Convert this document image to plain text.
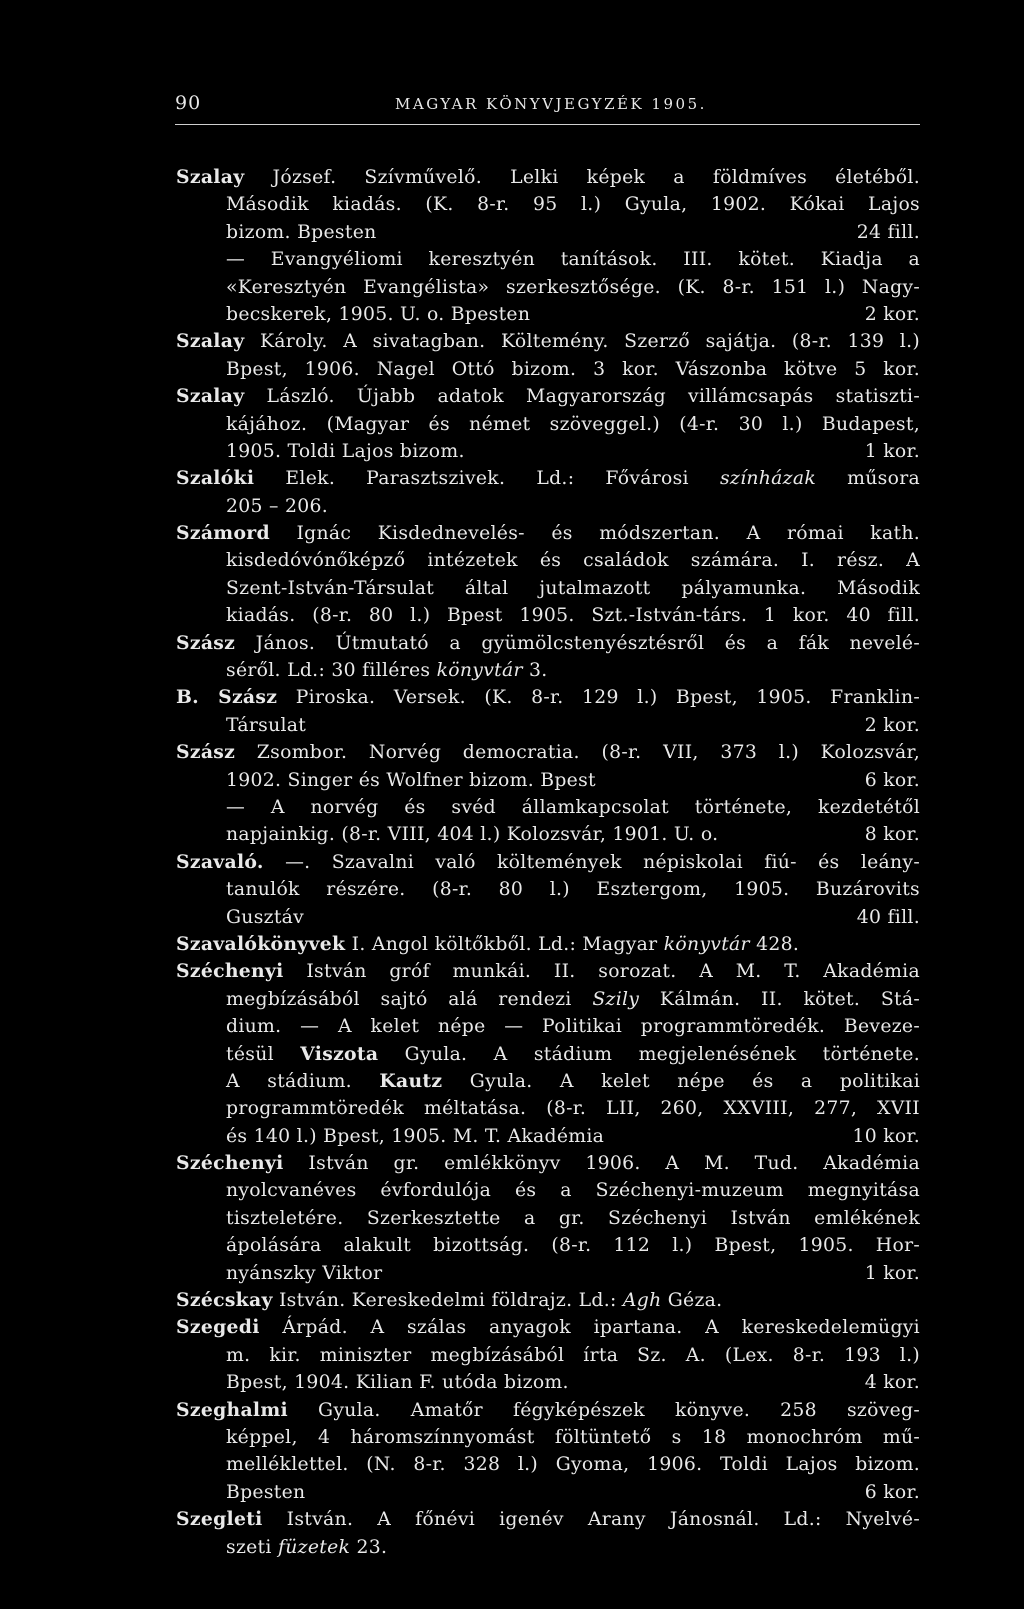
90	MAGYAR KÖNYVJEGYZÉK 1905.
Szalay József. Szívművelő. Lelki képek a földmíves életéből.
Második kiadás. (K. 8-r. 95 l.) Gyula, 1902. Kókai Lajos
bizom. Bpesten	24 fill.
— Evangyéliomi keresztyén tanítások. III. kötet. Kiadja a
«Keresztyén Evangélista» szerkesztősége. (K. 8-r. 151 l.) Nagy-
becskerek, 1905. U. o. Bpesten	2 kor.
Szalay Károly. A sivatagban. Költemény. Szerző sajátja. (8-r. 139 l.)
Bpest, 1906. Nagel Ottó bizom. 3 kor. Vászonba kötve 5 kor.
Szalay László. Újabb adatok Magyarország villámcsapás statiszti-
kájához. (Magyar és német szöveggel.) (4-r. 30 l.) Budapest,
1905. Toldi Lajos bizom.	1 kor.
Szalóki Elek. Parasztszivek. Ld.: Fővárosi színházak műsora
205 – 206.
Számord Ignác Kisdednevelés- és módszertan. A római kath.
kisdedóvónőképző intézetek és családok számára. I. rész. A
Szent-István-Társulat által jutalmazott pályamunka. Második
kiadás. (8-r. 80 l.) Bpest 1905. Szt.-István-társ. 1 kor. 40 fill.
Szász János. Útmutató a gyümölcstenyésztésről és a fák nevelé-
séről. Ld.: 30 filléres könyvtár 3.
B. Szász Piroska. Versek. (K. 8-r. 129 l.) Bpest, 1905. Franklin-
Társulat	2 kor.
Szász Zsombor. Norvég democratia. (8-r. VII, 373 l.) Kolozsvár,
1902. Singer és Wolfner bizom. Bpest	6 kor.
— A norvég és svéd államkapcsolat története, kezdetétől
napjainkig. (8-r. VIII, 404 l.) Kolozsvár, 1901. U. o.	8 kor.
Szavaló. —. Szavalni való költemények népiskolai fiú- és leány-
tanulók részére. (8-r. 80 l.) Esztergom, 1905. Buzárovits
Gusztáv	40 fill.
Szavalókönyvek I. Angol költőkből. Ld.: Magyar könyvtár 428.
Széchenyi István gróf munkái. II. sorozat. A M. T. Akadémia
megbízásából sajtó alá rendezi Szily Kálmán. II. kötet. Stá-
dium. — A kelet népe — Politikai programmtöredék. Beveze-
tésül Viszota Gyula. A stádium megjelenésének története.
A stádium. Kautz Gyula. A kelet népe és a politikai
programmtöredék méltatása. (8-r. LII, 260, XXVIII, 277, XVII
és 140 l.) Bpest, 1905. M. T. Akadémia	10 kor.
Széchenyi István gr. emlékkönyv 1906. A M. Tud. Akadémia
nyolcvanéves évfordulója és a Széchenyi-muzeum megnyitása
tiszteletére. Szerkesztette a gr. Széchenyi István emlékének
ápolására alakult bizottság. (8-r. 112 l.) Bpest, 1905. Hor-
nyánszky Viktor	1 kor.
Szécskay István. Kereskedelmi földrajz. Ld.: Agh Géza.
Szegedi Árpád. A szálas anyagok ipartana. A kereskedelemügyi
m. kir. miniszter megbízásából írta Sz. A. (Lex. 8-r. 193 l.)
Bpest, 1904. Kilian F. utóda bizom.	4 kor.
Szeghalmi Gyula. Amatőr fégyképészek könyve. 258 szöveg-
képpel, 4 háromszínnyomást föltüntető s 18 monochróm mű-
melléklettel. (N. 8-r. 328 l.) Gyoma, 1906. Toldi Lajos bizom.
Bpesten	6 kor.
Szegleti István. A főnévi igenév Arany Jánosnál. Ld.: Nyelvé-
szeti füzetek 23.
